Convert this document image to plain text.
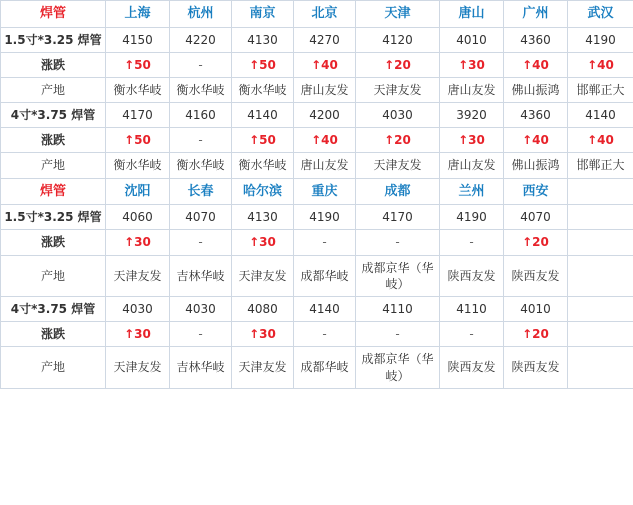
焊管	上海	杭州	南京	北京	天津	唐山	广州	武汉
1.5寸*3.25 焊管	4150	4220	4130	4270	4120	4010	4360	4190
涨跌	↑50	-	↑50	↑40	↑20	↑30	↑40	↑40
产地	衡水华岐	衡水华岐	衡水华岐	唐山友发	天津友发	唐山友发	佛山振鸿	邯郸正大
4寸*3.75 焊管	4170	4160	4140	4200	4030	3920	4360	4140
涨跌	↑50	-	↑50	↑40	↑20	↑30	↑40	↑40
产地	衡水华岐	衡水华岐	衡水华岐	唐山友发	天津友发	唐山友发	佛山振鸿	邯郸正大
焊管	沈阳	长春	哈尔滨	重庆	成都	兰州	西安	
1.5寸*3.25 焊管	4060	4070	4130	4190	4170	4190	4070	
涨跌	↑30	-	↑30	-	-	-	↑20	
产地	天津友发	吉林华岐	天津友发	成都华岐	成都京华（华岐）	陕西友发	陕西友发	
4寸*3.75 焊管	4030	4030	4080	4140	4110	4110	4010	
涨跌	↑30	-	↑30	-	-	-	↑20	
产地	天津友发	吉林华岐	天津友发	成都华岐	成都京华（华岐）	陕西友发	陕西友发	
